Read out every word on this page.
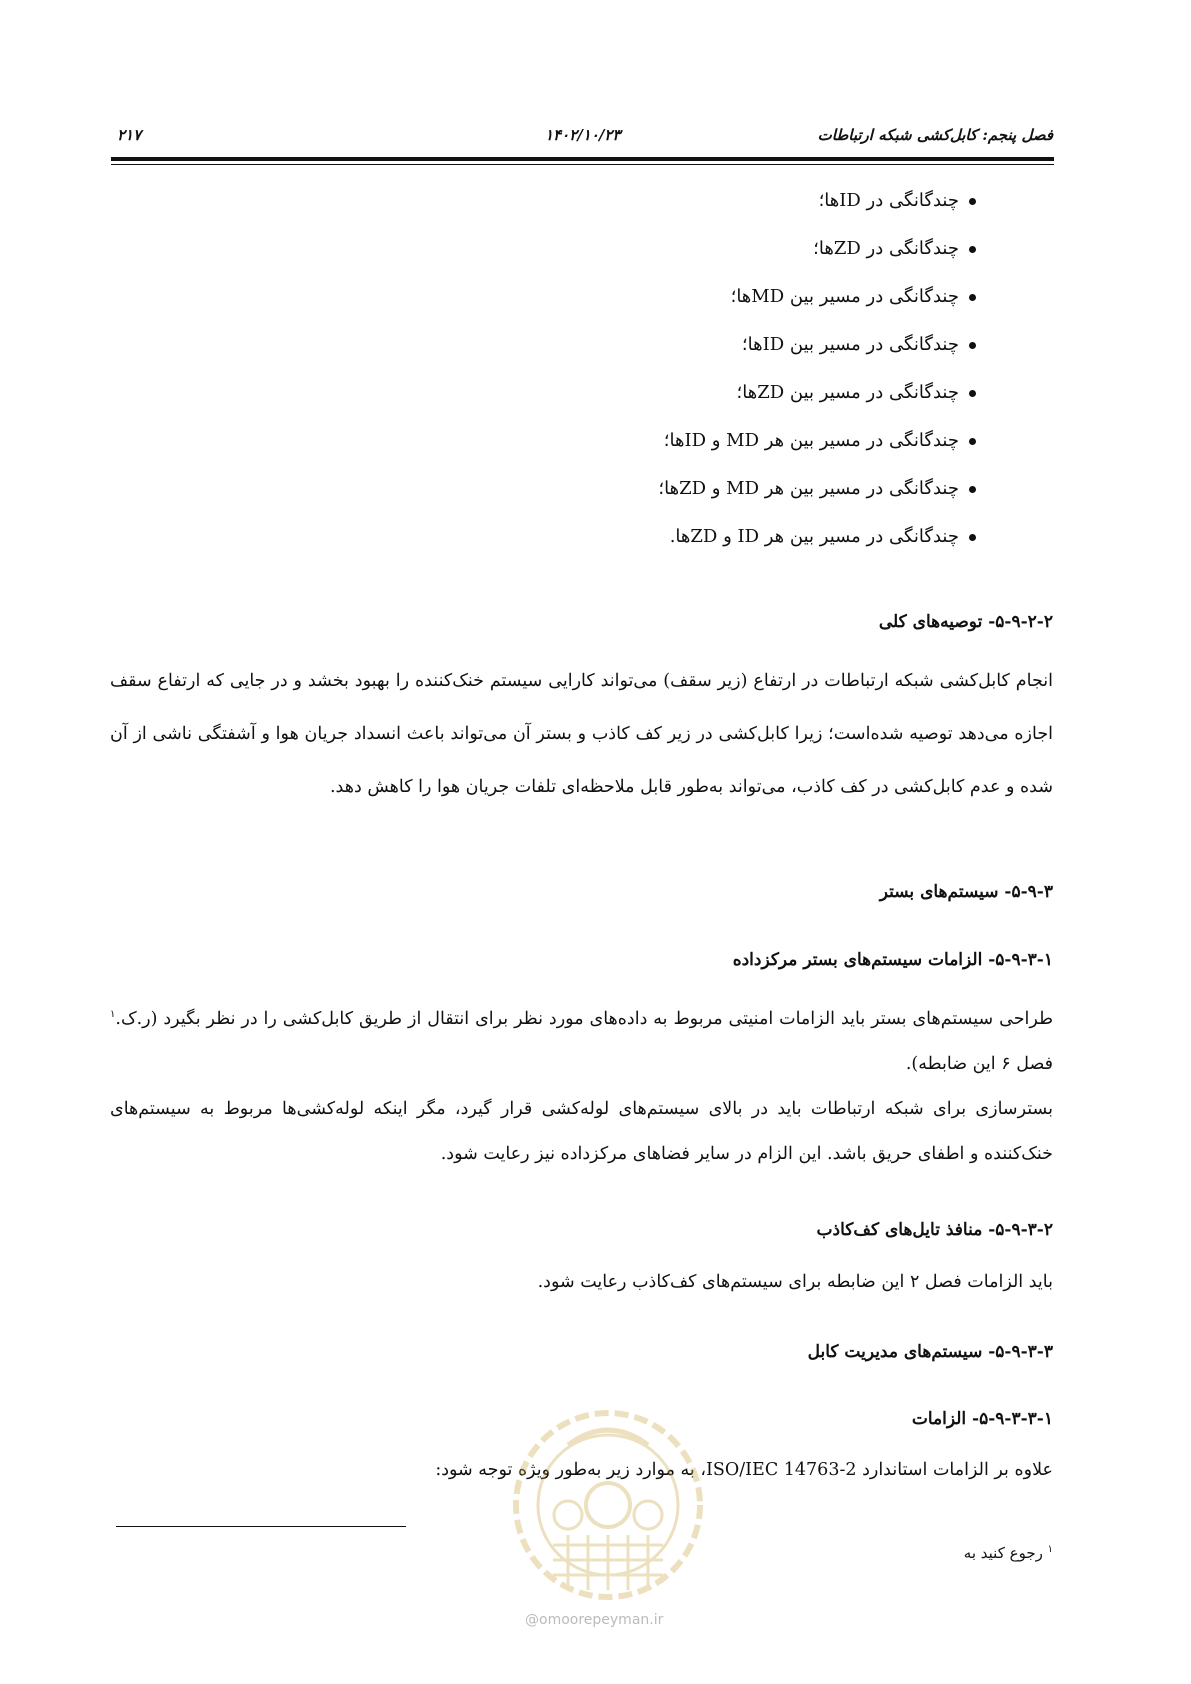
فصل پنجم: کابل‌کشی شبکه ارتباطات
۱۴۰۲/۱۰/۲۳
۲۱۷
چندگانگی در IDها؛
چندگانگی در ZDها؛
چندگانگی در مسیر بین MDها؛
چندگانگی در مسیر بین IDها؛
چندگانگی در مسیر بین ZDها؛
چندگانگی در مسیر بین هر MD و IDها؛
چندگانگی در مسیر بین هر MD و ZDها؛
چندگانگی در مسیر بین هر ID و ZDها.
۵-۹-۲-۲- توصیه‌های کلی
انجام کابل‌کشی شبکه ارتباطات در ارتفاع (زیر سقف) می‌تواند کارایی سیستم خنک‌کننده را بهبود بخشد و در جایی که ارتفاع سقف اجازه می‌دهد توصیه شده‌است؛ زیرا کابل‌کشی در زیر کف کاذب و بستر آن می‌تواند باعث انسداد جریان هوا و آشفتگی ناشی از آن شده و عدم کابل‌کشی در کف کاذب، می‌تواند به‌طور قابل ملاحظه‌ای تلفات جریان هوا را کاهش دهد.
۵-۹-۳- سیستم‌های بستر
۵-۹-۳-۱- الزامات سیستم‌های بستر مرکزداده
طراحی سیستم‌های بستر باید الزامات امنیتی مربوط به داده‌های مورد نظر برای انتقال از طریق کابل‌کشی را در نظر بگیرد (ر.ک.$^۱$ فصل ۶ این ضابطه).
بسترسازی برای شبکه ارتباطات باید در بالای سیستم‌های لوله‌کشی قرار گیرد، مگر اینکه لوله‌کشی‌ها مربوط به سیستم‌های خنک‌کننده و اطفای حریق باشد. این الزام در سایر فضاهای مرکزداده نیز رعایت شود.
۵-۹-۳-۲- منافذ تایل‌های کف‌کاذب
باید الزامات فصل ۲ این ضابطه برای سیستم‌های کف‌کاذب رعایت شود.
۵-۹-۳-۳- سیستم‌های مدیریت کابل
۵-۹-۳-۳-۱- الزامات
علاوه بر الزامات استاندارد ISO/IEC 14763-2، به موارد زیر به‌طور ویژه توجه شود:
$^۱$ رجوع کنید به
@omoorepeyman.ir
